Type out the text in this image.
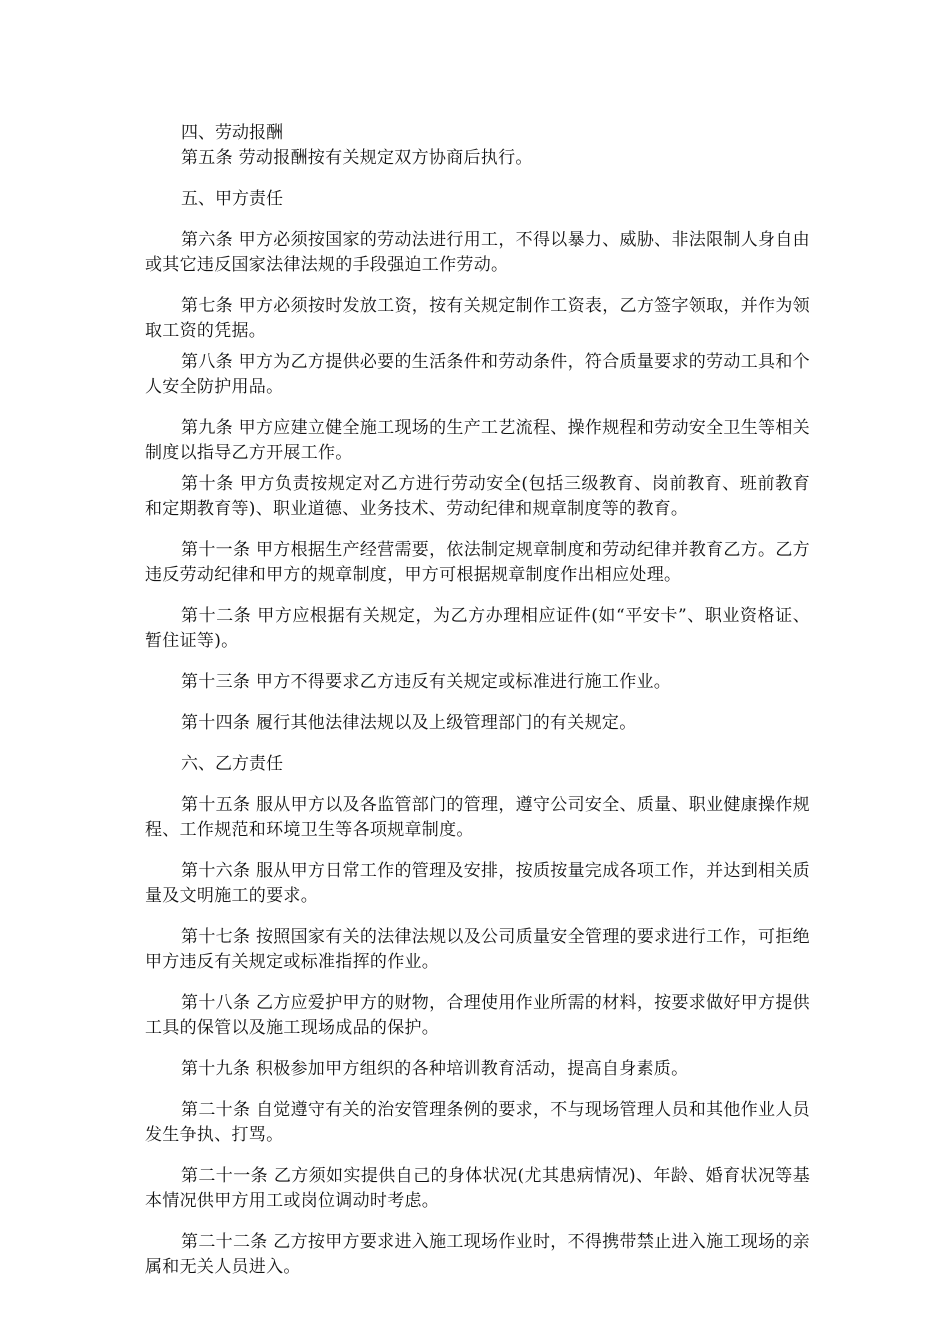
四、劳动报酬

第五条 劳动报酬按有关规定双方协商后执行。

五、甲方责任

第六条 甲方必须按国家的劳动法进行用工，不得以暴力、威胁、非法限制人身自由或其它违反国家法律法规的手段强迫工作劳动。

第七条 甲方必须按时发放工资，按有关规定制作工资表，乙方签字领取，并作为领取工资的凭据。

第八条 甲方为乙方提供必要的生活条件和劳动条件，符合质量要求的劳动工具和个人安全防护用品。

第九条 甲方应建立健全施工现场的生产工艺流程、操作规程和劳动安全卫生等相关制度以指导乙方开展工作。

第十条 甲方负责按规定对乙方进行劳动安全(包括三级教育、岗前教育、班前教育和定期教育等)、职业道德、业务技术、劳动纪律和规章制度等的教育。

第十一条 甲方根据生产经营需要，依法制定规章制度和劳动纪律并教育乙方。乙方违反劳动纪律和甲方的规章制度，甲方可根据规章制度作出相应处理。

第十二条 甲方应根据有关规定，为乙方办理相应证件(如“平安卡”、职业资格证、暂住证等)。

第十三条 甲方不得要求乙方违反有关规定或标准进行施工作业。

第十四条 履行其他法律法规以及上级管理部门的有关规定。

六、乙方责任

第十五条 服从甲方以及各监管部门的管理，遵守公司安全、质量、职业健康操作规程、工作规范和环境卫生等各项规章制度。

第十六条 服从甲方日常工作的管理及安排，按质按量完成各项工作，并达到相关质量及文明施工的要求。

第十七条 按照国家有关的法律法规以及公司质量安全管理的要求进行工作，可拒绝甲方违反有关规定或标准指挥的作业。

第十八条 乙方应爱护甲方的财物，合理使用作业所需的材料，按要求做好甲方提供工具的保管以及施工现场成品的保护。

第十九条 积极参加甲方组织的各种培训教育活动，提高自身素质。

第二十条 自觉遵守有关的治安管理条例的要求，不与现场管理人员和其他作业人员发生争执、打骂。

第二十一条 乙方须如实提供自己的身体状况(尤其患病情况)、年龄、婚育状况等基本情况供甲方用工或岗位调动时考虑。

第二十二条 乙方按甲方要求进入施工现场作业时，不得携带禁止进入施工现场的亲属和无关人员进入。
